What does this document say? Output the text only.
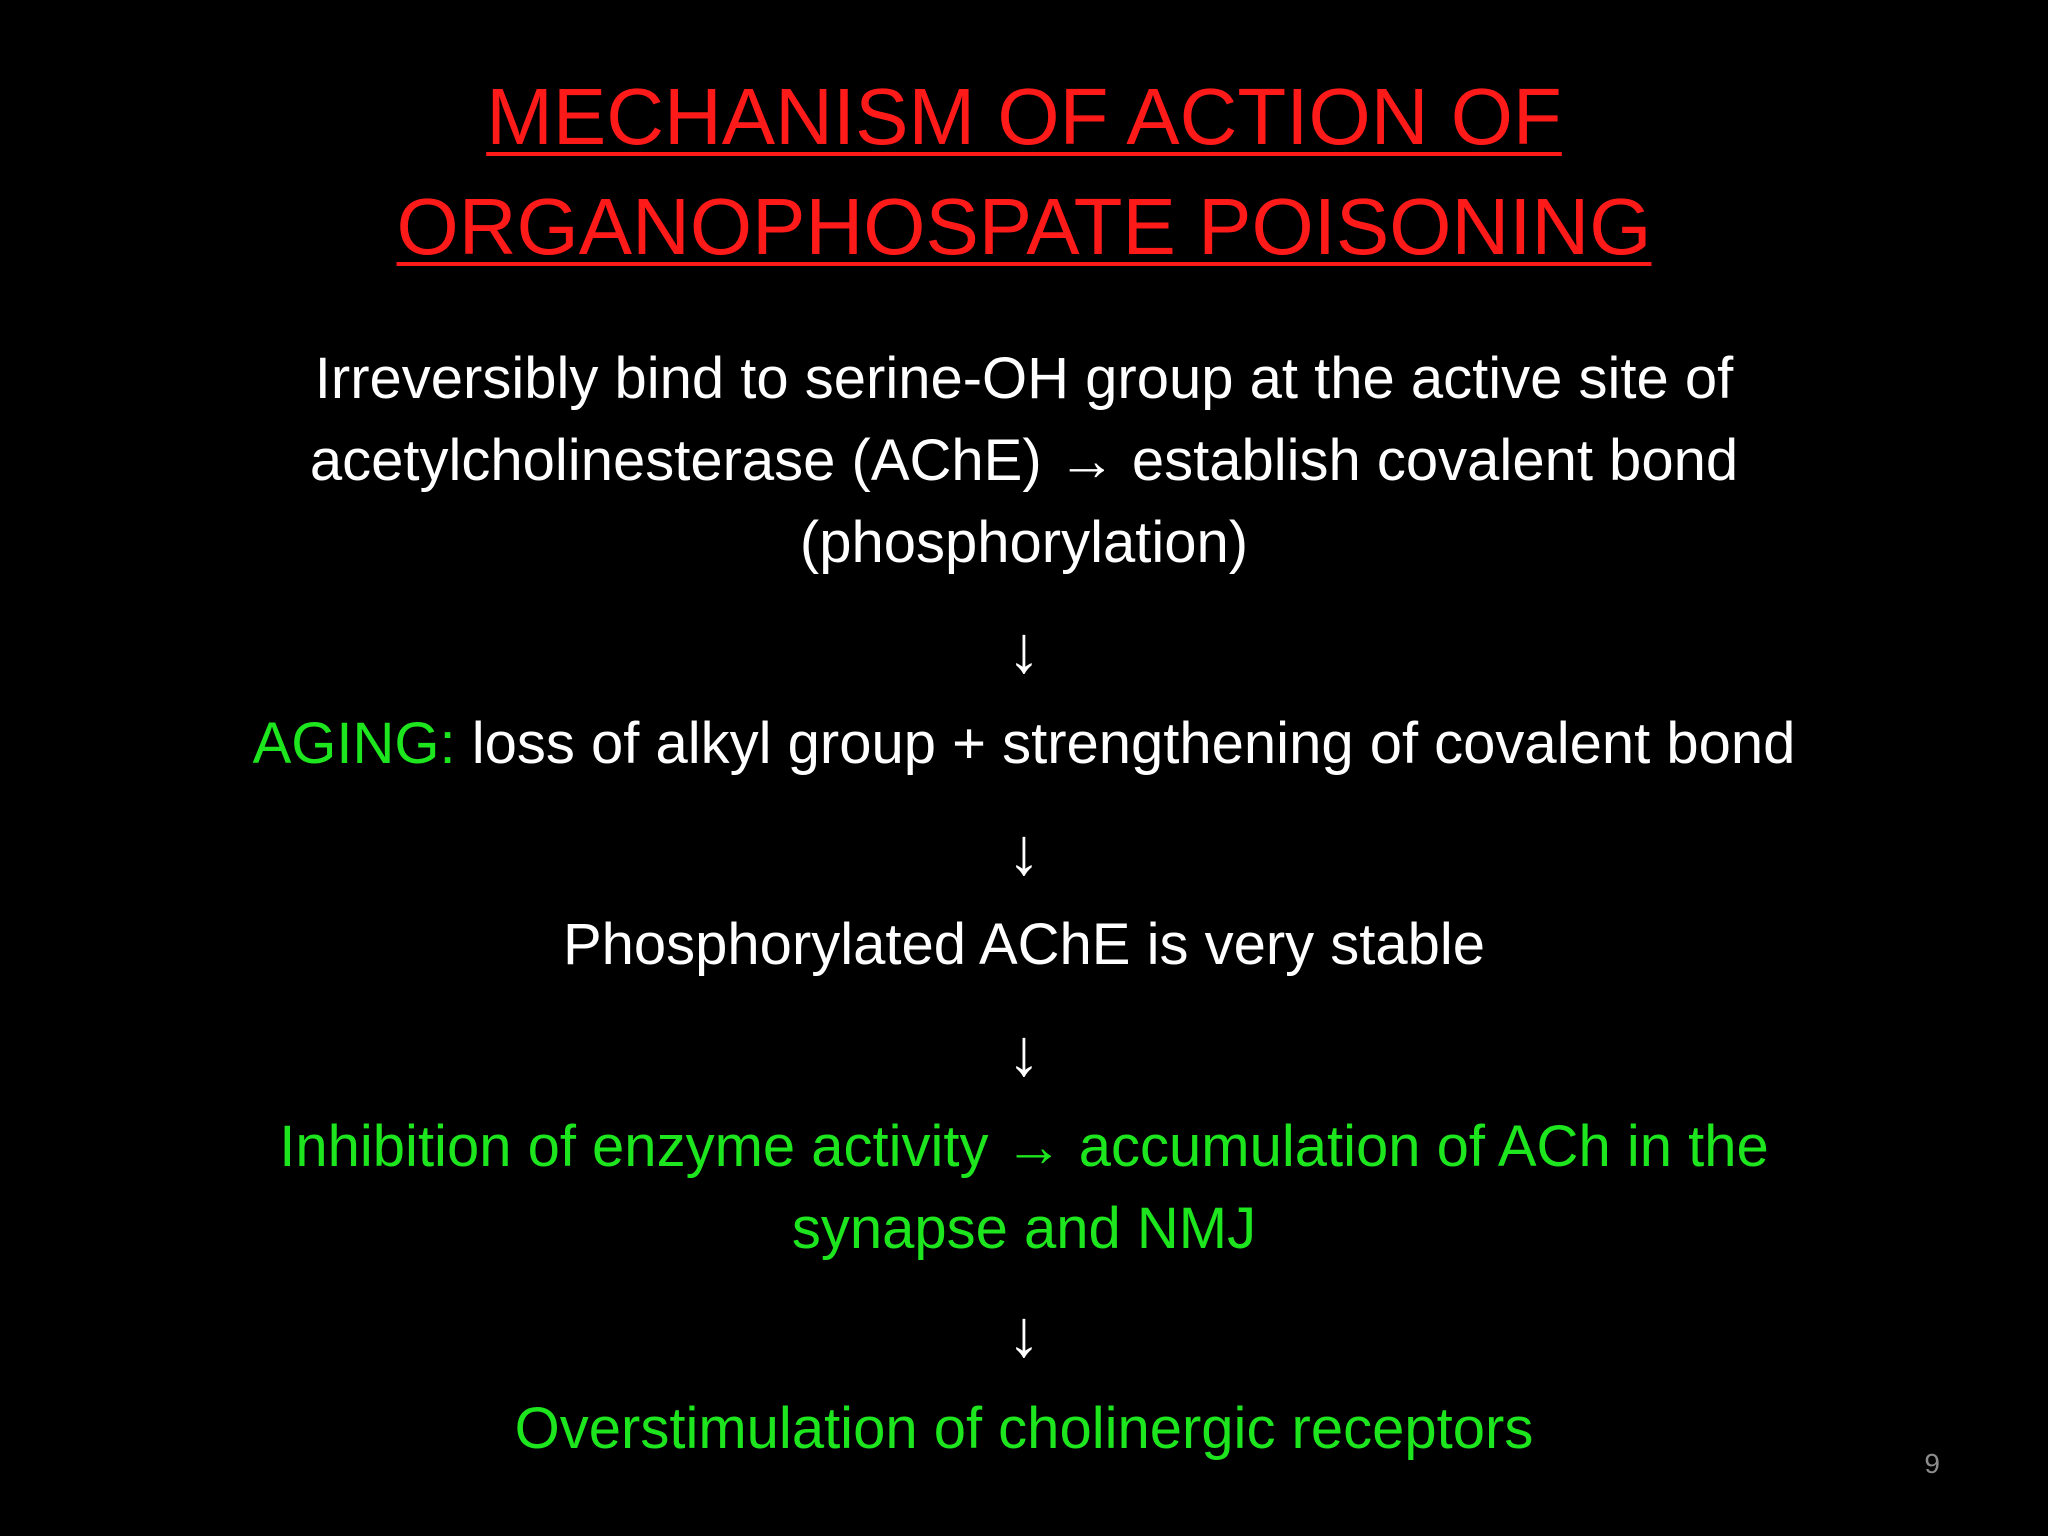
MECHANISM OF ACTION OF
ORGANOPHOSPATE POISONING
Irreversibly bind to serine-OH group at the active site of
acetylcholinesterase (AChE) → establish covalent bond
(phosphorylation)
↓
AGING: loss of alkyl group + strengthening of covalent bond
↓
Phosphorylated AChE is very stable
↓
Inhibition of enzyme activity → accumulation of ACh in the
synapse and NMJ
↓
Overstimulation of cholinergic receptors
9
